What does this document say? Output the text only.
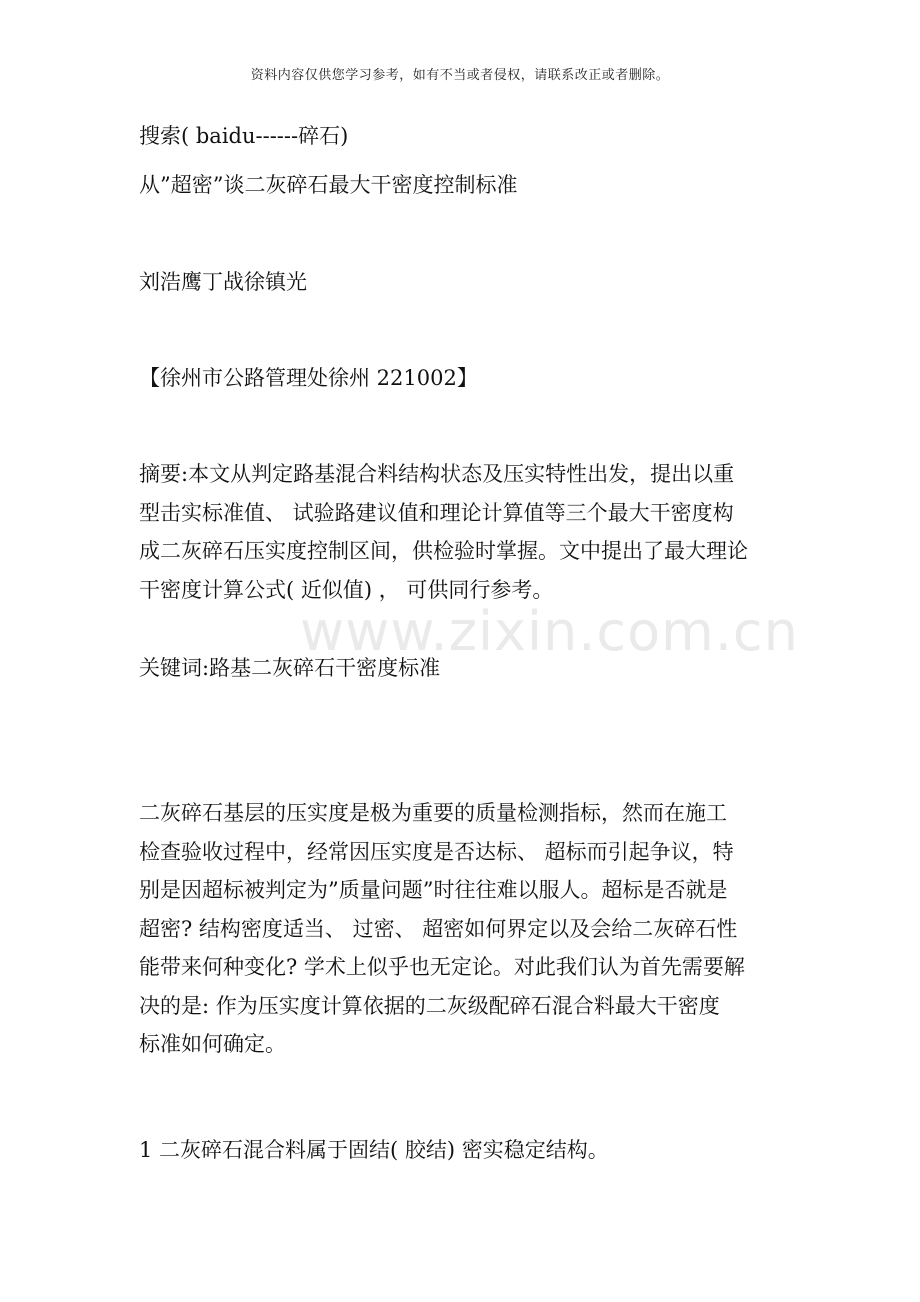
资料内容仅供您学习参考，如有不当或者侵权，请联系改正或者删除。
搜索( baidu------碎石)
从”超密”谈二灰碎石最大干密度控制标准
刘浩鹰丁战徐镇光
【徐州市公路管理处徐州 221002】
摘要:本文从判定路基混合料结构状态及压实特性出发，提出以重
型击实标准值、 试验路建议值和理论计算值等三个最大干密度构
成二灰碎石压实度控制区间，供检验时掌握。文中提出了最大理论
干密度计算公式( 近似值) ， 可供同行参考。
关键词:路基二灰碎石干密度标准
二灰碎石基层的压实度是极为重要的质量检测指标，然而在施工
检查验收过程中，经常因压实度是否达标、 超标而引起争议，特
别是因超标被判定为”质量问题”时往往难以服人。超标是否就是
超密? 结构密度适当、 过密、 超密如何界定以及会给二灰碎石性
能带来何种变化? 学术上似乎也无定论。对此我们认为首先需要解
决的是: 作为压实度计算依据的二灰级配碎石混合料最大干密度
标准如何确定。
1 二灰碎石混合料属于固结( 胶结) 密实稳定结构。
www.zixin.com.cn
